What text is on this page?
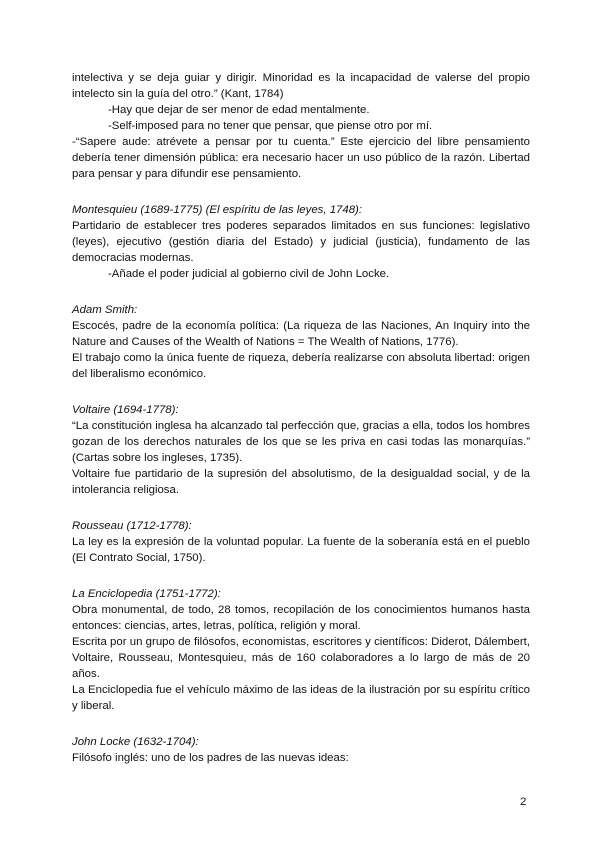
intelectiva y se deja guiar y dirigir. Minoridad es la incapacidad de valerse del propio intelecto sin la guía del otro.” (Kant, 1784)

-Hay que dejar de ser menor de edad mentalmente.

-Self-imposed para no tener que pensar, que piense otro por mí.

-“Sapere aude: atrévete a pensar por tu cuenta.” Este ejercicio del libre pensamiento debería tener dimensión pública: era necesario hacer un uso público de la razón. Libertad para pensar y para difundir ese pensamiento.

Montesquieu (1689-1775) (El espíritu de las leyes, 1748):

Partidario de establecer tres poderes separados limitados en sus funciones: legislativo (leyes), ejecutivo (gestión diaria del Estado) y judicial (justicia), fundamento de las democracias modernas.

-Añade el poder judicial al gobierno civil de John Locke.

Adam Smith:

Escocés, padre de la economía política: (La riqueza de las Naciones, An Inquiry into the Nature and Causes of the Wealth of Nations = The Wealth of Nations, 1776).

El trabajo como la única fuente de riqueza, debería realizarse con absoluta libertad: origen del liberalismo económico.

Voltaire (1694-1778):

“La constitución inglesa ha alcanzado tal perfección que, gracias a ella, todos los hombres gozan de los derechos naturales de los que se les priva en casi todas las monarquías.” (Cartas sobre los ingleses, 1735).

Voltaire fue partidario de la supresión del absolutismo, de la desigualdad social, y de la intolerancia religiosa.

Rousseau (1712-1778):

La ley es la expresión de la voluntad popular. La fuente de la soberanía está en el pueblo (El Contrato Social, 1750).

La Enciclopedia (1751-1772):

Obra monumental, de todo, 28 tomos, recopilación de los conocimientos humanos hasta entonces: ciencias, artes, letras, política, religión y moral.

Escrita por un grupo de filósofos, economistas, escritores y científicos: Diderot, Dálembert, Voltaire, Rousseau, Montesquieu, más de 160 colaboradores a lo largo de más de 20 años.

La Enciclopedia fue el vehículo máximo de las ideas de la ilustración por su espíritu crítico y liberal.

John Locke (1632-1704):

Filósofo inglés: uno de los padres de las nuevas ideas:

2
